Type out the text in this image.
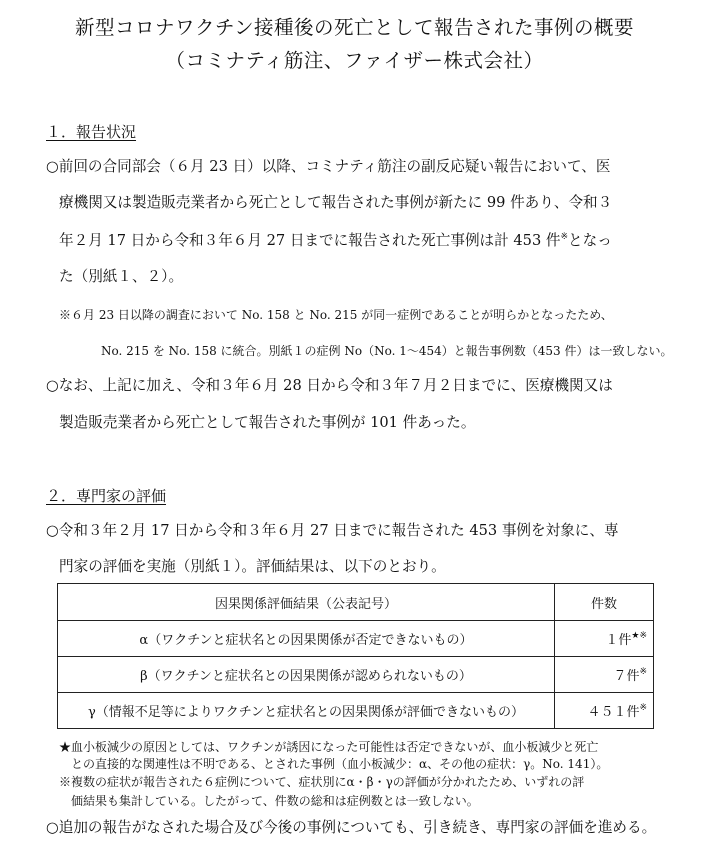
新型コロナワクチン接種後の死亡として報告された事例の概要
（コミナティ筋注、ファイザー株式会社）
１．報告状況
○前回の合同部会（６月 23 日）以降、コミナティ筋注の副反応疑い報告において、医
療機関又は製造販売業者から死亡として報告された事例が新たに 99 件あり、令和３
年２月 17 日から令和３年６月 27 日までに報告された死亡事例は計 453 件※となっ
た（別紙１、２）。
※６月 23 日以降の調査において No. 158 と No. 215 が同一症例であることが明らかとなったため、
No. 215 を No. 158 に統合。別紙１の症例 No（No. 1～454）と報告事例数（453 件）は一致しない。
○なお、上記に加え、令和３年６月 28 日から令和３年７月２日までに、医療機関又は
製造販売業者から死亡として報告された事例が 101 件あった。
２．専門家の評価
○令和３年２月 17 日から令和３年６月 27 日までに報告された 453 事例を対象に、専
門家の評価を実施（別紙１）。評価結果は、以下のとおり。
因果関係評価結果（公表記号）	件数
α（ワクチンと症状名との因果関係が否定できないもの）	１件★※
β（ワクチンと症状名との因果関係が認められないもの）	７件※
γ（情報不足等によりワクチンと症状名との因果関係が評価できないもの）	４５１件※
★血小板減少の原因としては、ワクチンが誘因になった可能性は否定できないが、血小板減少と死亡
との直接的な関連性は不明である、とされた事例（血小板減少：α、その他の症状：γ。No. 141）。
※複数の症状が報告された６症例について、症状別にα・β・γの評価が分かれたため、いずれの評
価結果も集計している。したがって、件数の総和は症例数とは一致しない。
○追加の報告がなされた場合及び今後の事例についても、引き続き、専門家の評価を進める。
